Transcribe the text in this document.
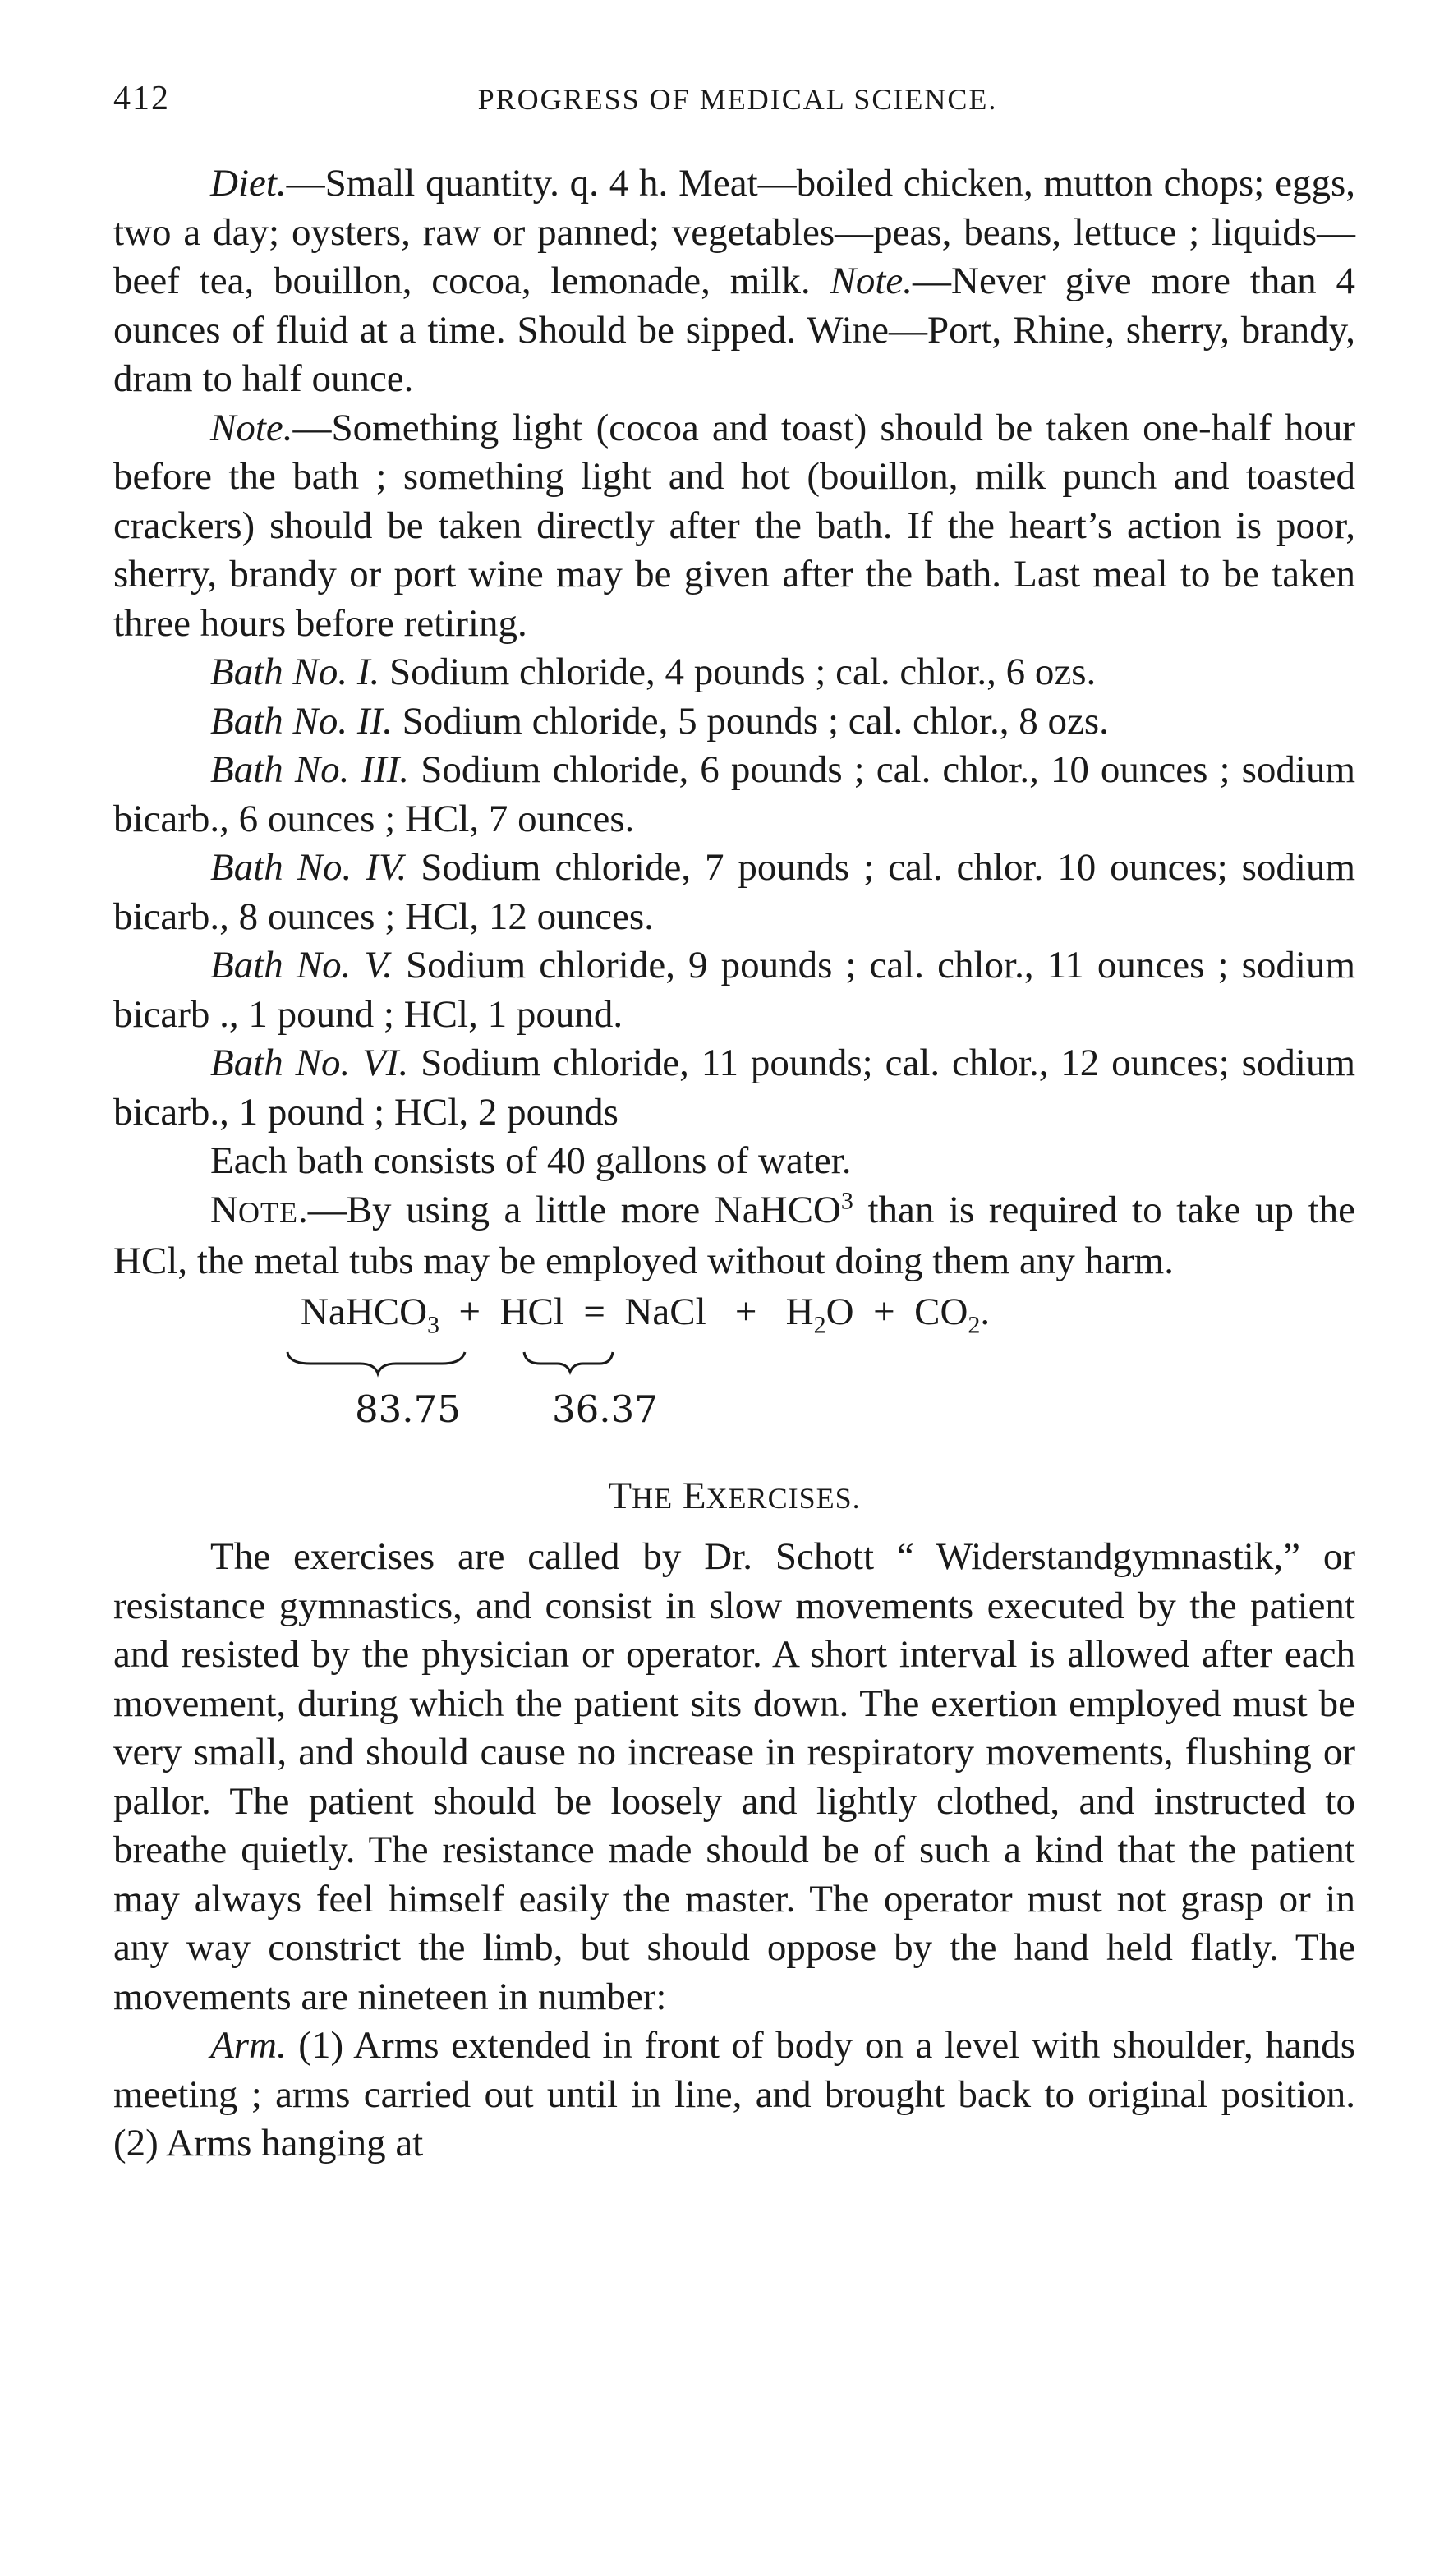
412	PROGRESS OF MEDICAL SCIENCE.

Diet.—Small quantity. q. 4 h. Meat—boiled chicken, mutton chops; eggs, two a day; oysters, raw or panned; vegetables—peas, beans, lettuce ; liquids—beef tea, bouillon, cocoa, lemonade, milk. Note.—Never give more than 4 ounces of fluid at a time. Should be sipped. Wine—Port, Rhine, sherry, brandy, dram to half ounce.

Note.—Something light (cocoa and toast) should be taken one-half hour before the bath ; something light and hot (bouillon, milk punch and toasted crackers) should be taken directly after the bath. If the heart’s action is poor, sherry, brandy or port wine may be given after the bath. Last meal to be taken three hours before retiring.

Bath No. I. Sodium chloride, 4 pounds ; cal. chlor., 6 ozs.

Bath No. II. Sodium chloride, 5 pounds ; cal. chlor., 8 ozs.

Bath No. III. Sodium chloride, 6 pounds ; cal. chlor., 10 ounces ; sodium bicarb., 6 ounces ; HCl, 7 ounces.

Bath No. IV. Sodium chloride, 7 pounds ; cal. chlor. 10 ounces; sodium bicarb., 8 ounces ; HCl, 12 ounces.

Bath No. V. Sodium chloride, 9 pounds ; cal. chlor., 11 ounces ; sodium bicarb ., 1 pound ; HCl, 1 pound.

Bath No. VI. Sodium chloride, 11 pounds; cal. chlor., 12 ounces; sodium bicarb., 1 pound ; HCl, 2 pounds

Each bath consists of 40 gallons of water.

NOTE.—By using a little more NaHCO$^3$ than is required to take up the HCl, the metal tubs may be employed without doing them any harm.

NaHCO$_3$ + HCl = NaCl + $H_2O + CO_2$.
83.75 36.37
THE EXERCISES.

The exercises are called by Dr. Schott “ Widerstandgymnastik,” or resistance gymnastics, and consist in slow movements executed by the patient and resisted by the physician or operator. A short interval is allowed after each movement, during which the patient sits down. The exertion employed must be very small, and should cause no increase in respiratory movements, flushing or pallor. The patient should be loosely and lightly clothed, and instructed to breathe quietly. The resistance made should be of such a kind that the patient may always feel himself easily the master. The operator must not grasp or in any way constrict the limb, but should oppose by the hand held flatly. The movements are nineteen in number:

Arm. (1) Arms extended in front of body on a level with shoulder, hands meeting ; arms carried out until in line, and brought back to original position. (2) Arms hanging at
